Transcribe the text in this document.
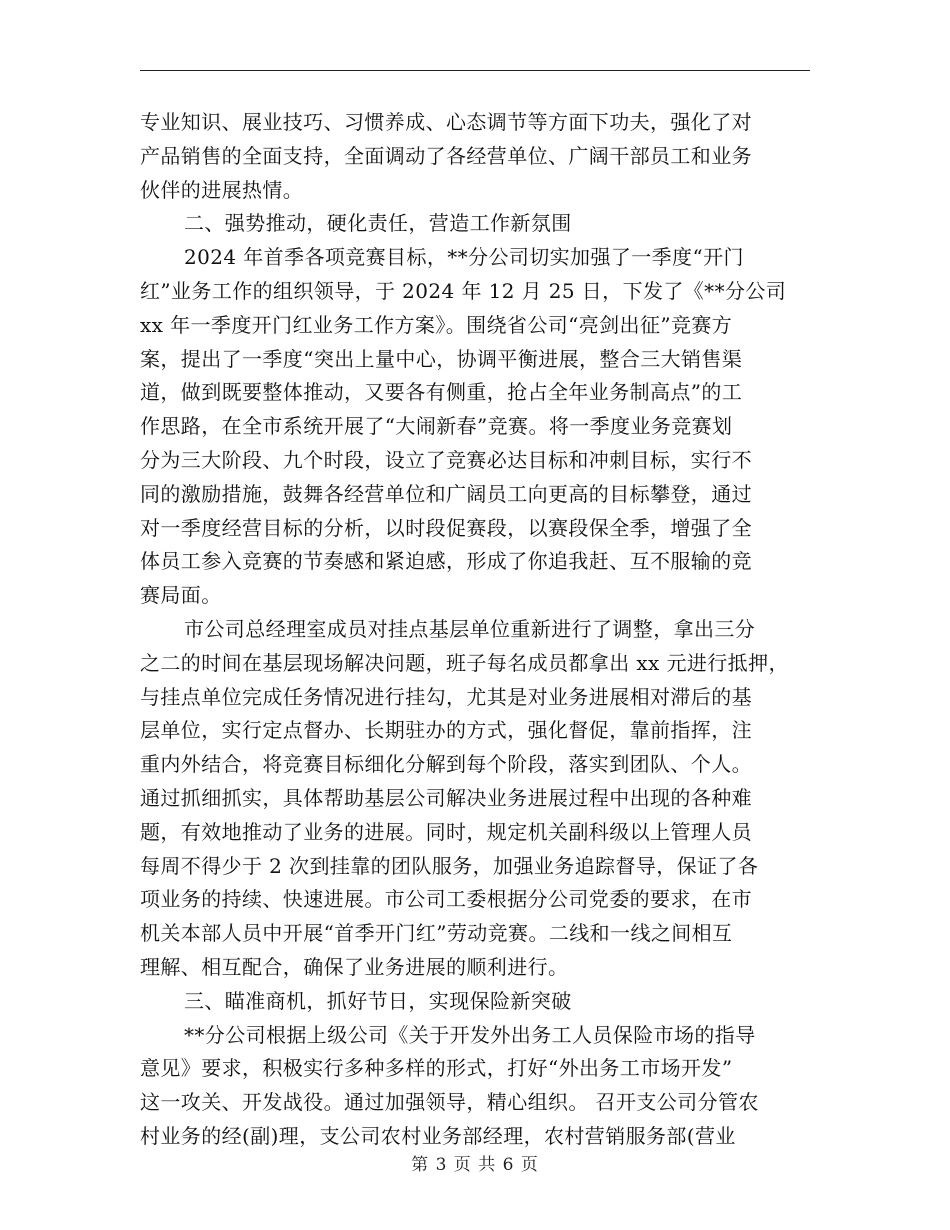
专业知识、展业技巧、习惯养成、心态调节等方面下功夫，强化了对
产品销售的全面支持，全面调动了各经营单位、广阔干部员工和业务
伙伴的进展热情。
二、强势推动，硬化责任，营造工作新氛围
2024 年首季各项竞赛目标，**分公司切实加强了一季度“开门
红”业务工作的组织领导，于 2024 年 12 月 25 日，下发了《**分公司
xx 年一季度开门红业务工作方案》。围绕省公司“亮剑出征”竞赛方
案，提出了一季度“突出上量中心，协调平衡进展，整合三大销售渠
道，做到既要整体推动，又要各有侧重，抢占全年业务制高点”的工
作思路，在全市系统开展了“大闹新春”竞赛。将一季度业务竞赛划
分为三大阶段、九个时段，设立了竞赛必达目标和冲刺目标，实行不
同的激励措施，鼓舞各经营单位和广阔员工向更高的目标攀登，通过
对一季度经营目标的分析，以时段促赛段，以赛段保全季，增强了全
体员工参入竞赛的节奏感和紧迫感，形成了你追我赶、互不服输的竞
赛局面。
市公司总经理室成员对挂点基层单位重新进行了调整，拿出三分
之二的时间在基层现场解决问题，班子每名成员都拿出 xx 元进行抵押，
与挂点单位完成任务情况进行挂勾，尤其是对业务进展相对滞后的基
层单位，实行定点督办、长期驻办的方式，强化督促，靠前指挥，注
重内外结合，将竞赛目标细化分解到每个阶段，落实到团队、个人。
通过抓细抓实，具体帮助基层公司解决业务进展过程中出现的各种难
题，有效地推动了业务的进展。同时，规定机关副科级以上管理人员
每周不得少于 2 次到挂靠的团队服务，加强业务追踪督导，保证了各
项业务的持续、快速进展。市公司工委根据分公司党委的要求，在市
机关本部人员中开展“首季开门红”劳动竞赛。二线和一线之间相互
理解、相互配合，确保了业务进展的顺利进行。
三、瞄准商机，抓好节日，实现保险新突破
**分公司根据上级公司《关于开发外出务工人员保险市场的指导
意见》要求，积极实行多种多样的形式，打好“外出务工市场开发”
这一攻关、开发战役。通过加强领导，精心组织。 召开支公司分管农
村业务的经(副)理，支公司农村业务部经理，农村营销服务部(营业
第 3 页 共 6 页
